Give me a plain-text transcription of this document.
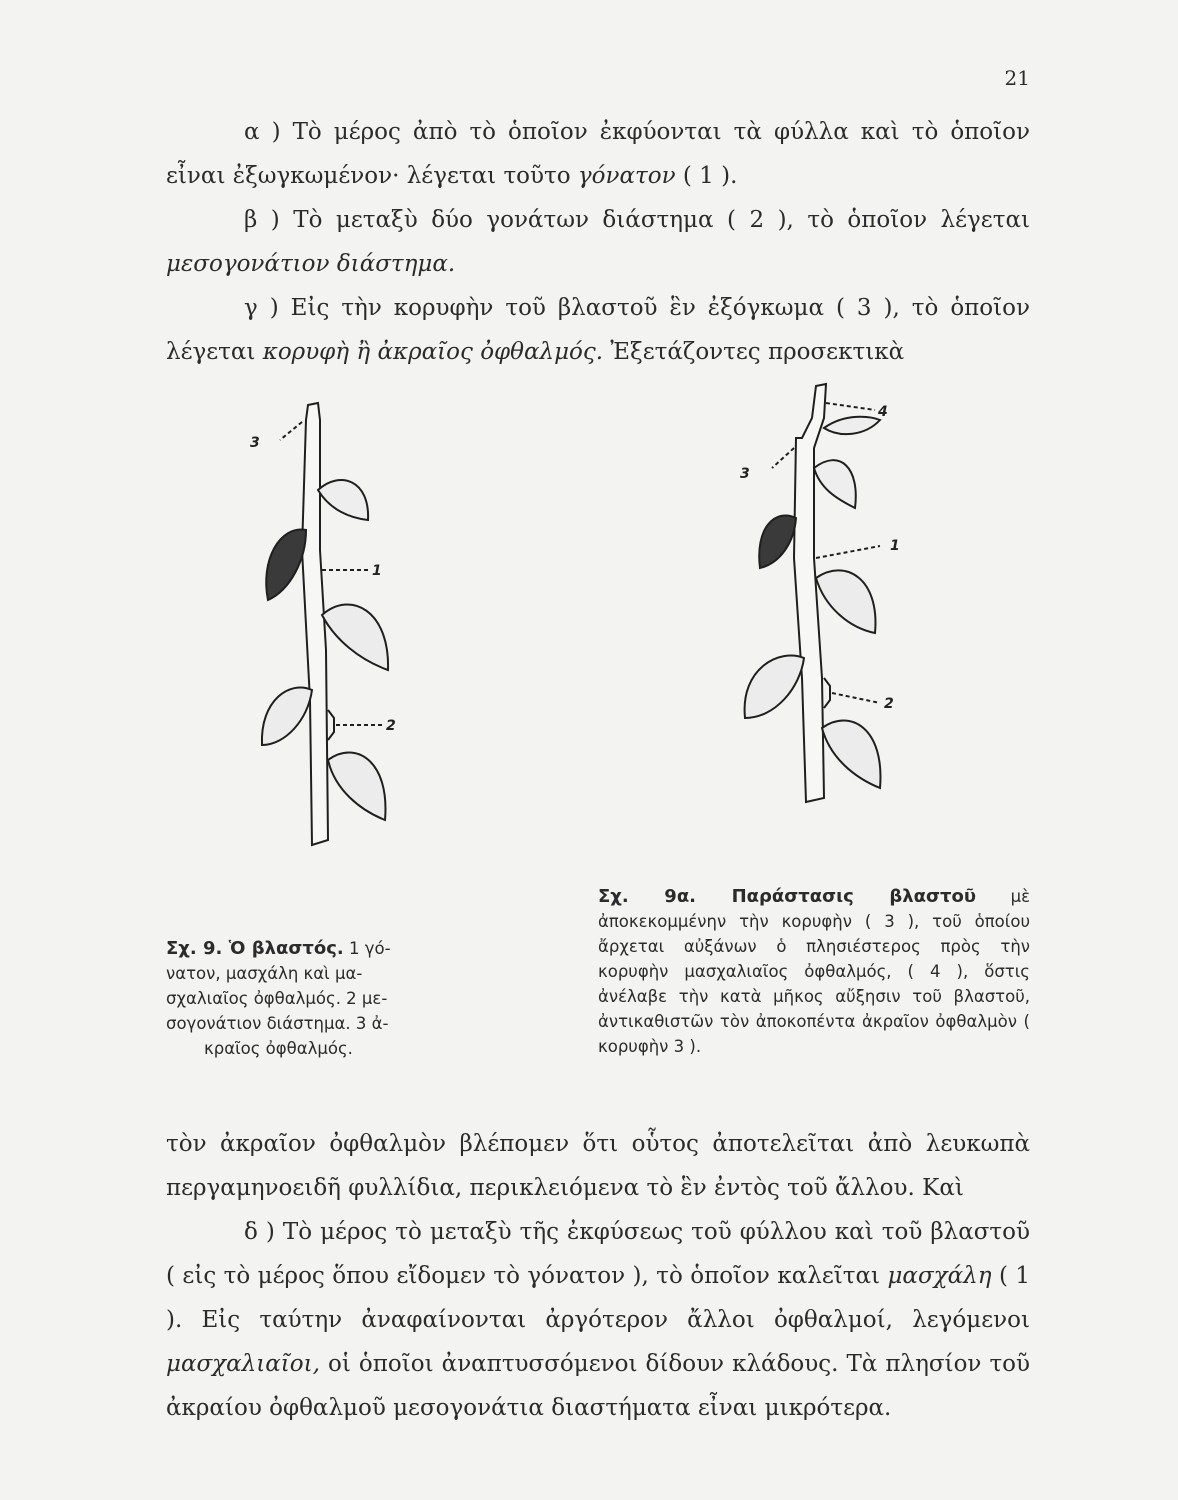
21

α ) Τὸ μέρος ἀπὸ τὸ ὁποῖον ἐκφύονται τὰ φύλλα καὶ τὸ ὁποῖον εἶναι ἐξωγκωμένον· λέγεται τοῦτο γόνατον ( 1 ).

β ) Τὸ μεταξὺ δύο γονάτων διάστημα ( 2 ), τὸ ὁποῖον λέγεται μεσογονάτιον διάστημα.

γ ) Εἰς τὴν κορυφὴν τοῦ βλαστοῦ ἓν ἐξόγκωμα ( 3 ), τὸ ὁποῖον λέγεται κορυφὴ ἢ ἀκραῖος ὀφθαλμός. Ἐξετάζοντες προσεκτικὰ

3
1
2
4
3
1
2
Σχ. 9. Ὁ βλαστός. 1 γό-
νατον, μασχάλη καὶ μα-
σχαλιαῖος ὀφθαλμός. 2 με-
σογονάτιον διάστημα. 3 ἀ-
κραῖος ὀφθαλμός.
Σχ. 9α. Παράστασις βλαστοῦ μὲ ἀποκεκομμένην τὴν κορυφὴν ( 3 ), τοῦ ὁποίου ἄρχεται αὐξάνων ὁ πλησιέστερος πρὸς τὴν κορυφὴν μασχαλιαῖος ὀφθαλμός, ( 4 ), ὅστις ἀνέλαβε τὴν κατὰ μῆκος αὔξησιν τοῦ βλαστοῦ, ἀντικαθιστῶν τὸν ἀποκοπέντα ἀκραῖον ὀφθαλμὸν ( κορυφὴν 3 ).

τὸν ἀκραῖον ὀφθαλμὸν βλέπομεν ὅτι οὗτος ἀποτελεῖται ἀπὸ λευκωπὰ περγαμηνοειδῆ φυλλίδια, περικλειόμενα τὸ ἓν ἐντὸς τοῦ ἄλλου. Καὶ

δ ) Τὸ μέρος τὸ μεταξὺ τῆς ἐκφύσεως τοῦ φύλλου καὶ τοῦ βλαστοῦ ( εἰς τὸ μέρος ὅπου εἴδομεν τὸ γόνατον ), τὸ ὁποῖον καλεῖται μασχάλη ( 1 ). Εἰς ταύτην ἀναφαίνονται ἀργότερον ἄλλοι ὀφθαλμοί, λεγόμενοι μασχαλιαῖοι, οἱ ὁποῖοι ἀναπτυσσόμενοι δίδουν κλάδους. Τὰ πλησίον τοῦ ἀκραίου ὀφθαλμοῦ μεσογονάτια διαστήματα εἶναι μικρότερα.
